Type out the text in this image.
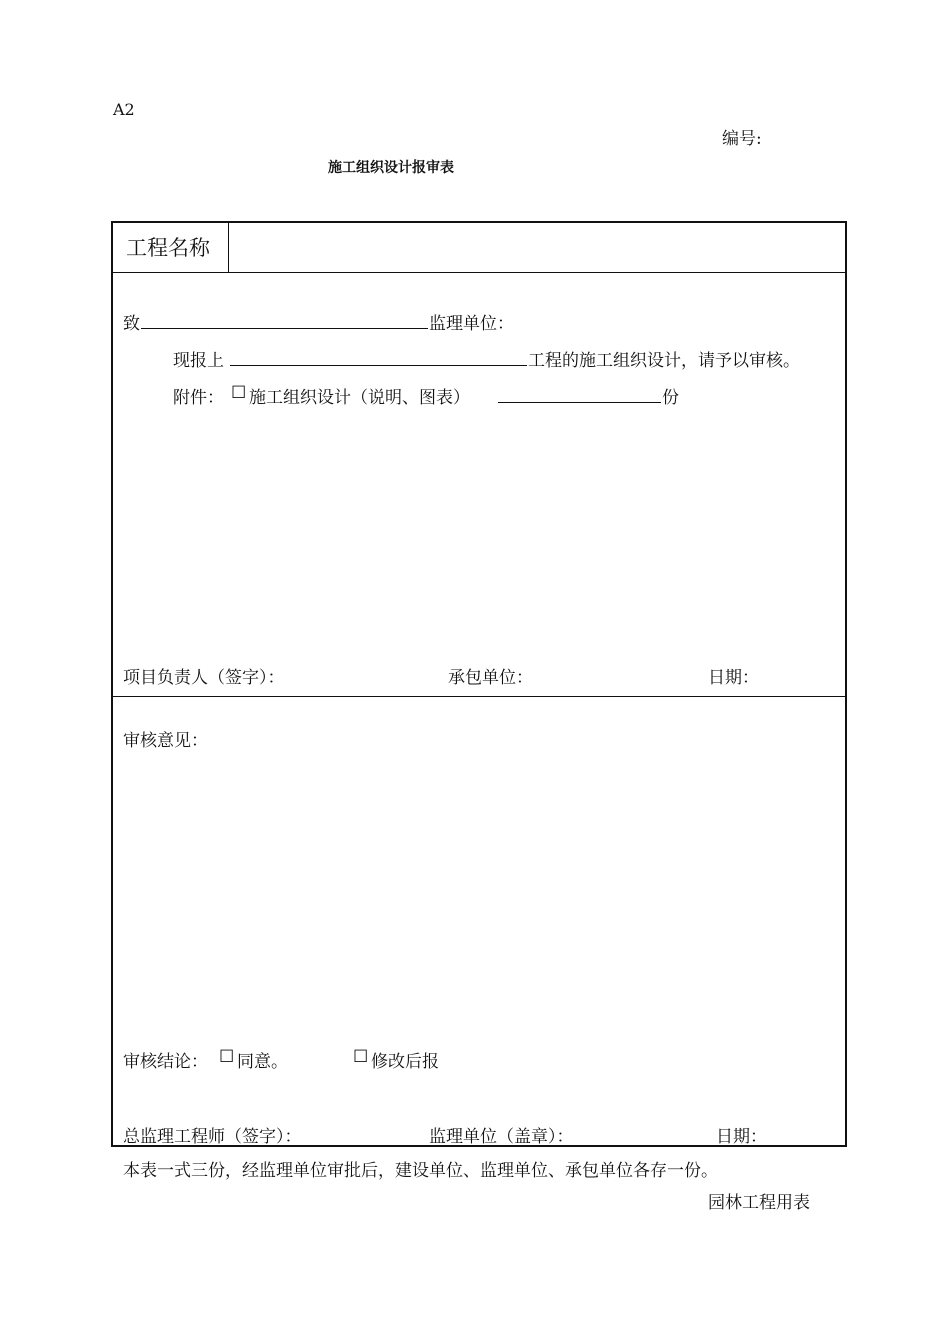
A2
编号:
施工组织设计报审表
工程名称
致	监理单位：
现报上	工程的施工组织设计，请予以审核。
附件： ☐ 施工组织设计（说明、图表）	份
项目负责人（签字）：	承包单位：	日期：
审核意见：
审核结论： ☐ 同意。	☐ 修改后报
总监理工程师（签字）：	监理单位（盖章）：	日期：
本表一式三份，经监理单位审批后，建设单位、监理单位、承包单位各存一份。
园林工程用表
